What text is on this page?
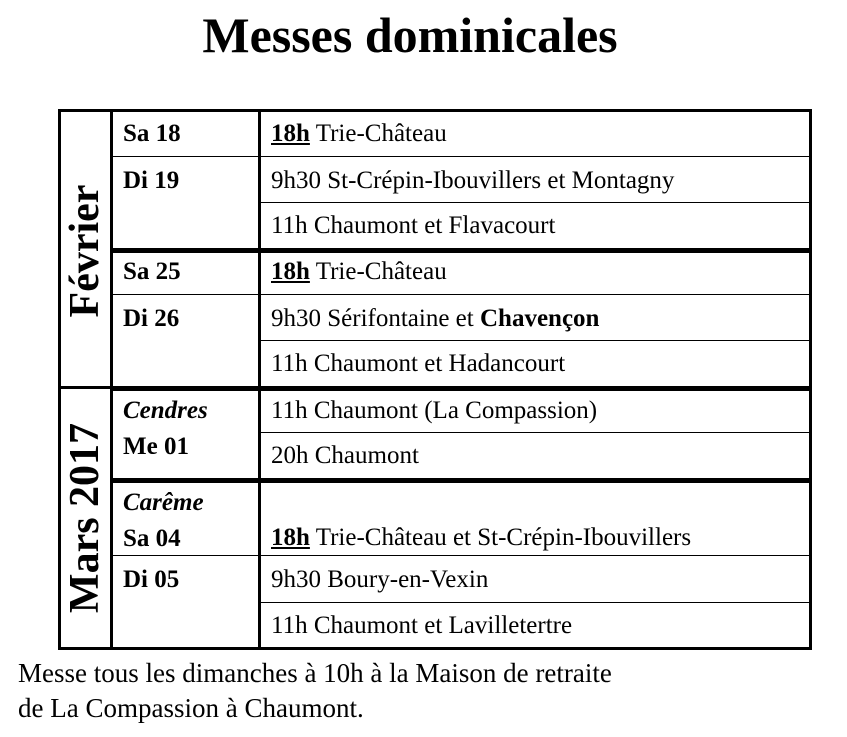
Messes dominicales
Février
Mars 2017
Sa 18
Di 19
Sa 25
Di 26
Cendres
Me 01
Carême
Sa 04
Di 05
18h Trie-Château
9h30 St-Crépin-Ibouvillers et Montagny
11h Chaumont et Flavacourt
18h Trie-Château
9h30 Sérifontaine et Chavençon
11h Chaumont et Hadancourt
11h Chaumont (La Compassion)
20h Chaumont
18h Trie-Château et St-Crépin-Ibouvillers
9h30 Boury-en-Vexin
11h Chaumont et Lavilletertre
Messe tous les dimanches à 10h à la Maison de retraite
de La Compassion à Chaumont.
